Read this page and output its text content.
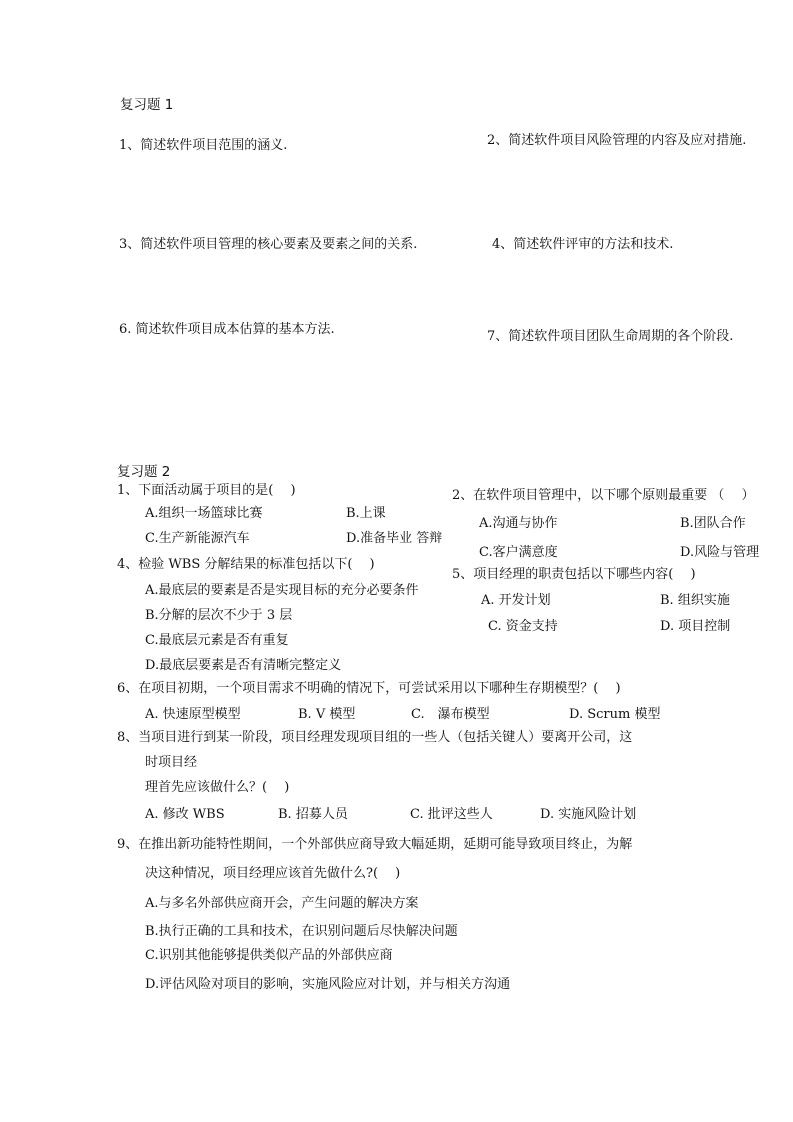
复习题 1
1、简述软件项目范围的涵义.	2、简述软件项目风险管理的内容及应对措施.
3、简述软件项目管理的核心要素及要素之间的关系.	4、简述软件评审的方法和技术.
6. 简述软件项目成本估算的基本方法.	7、简述软件项目团队生命周期的各个阶段.
复习题 2
1、下面活动属于项目的是(　 )
A.组织一场篮球比赛	B.上课
C.生产新能源汽车	D.准备毕业 答辩
2、在软件项目管理中，以下哪个原则最重要 （　 ）
A.沟通与协作	B.团队合作
C.客户满意度	D.风险与管理
4、检验 WBS 分解结果的标准包括以下(　 )
A.最底层的要素是否是实现目标的充分必要条件
B.分解的层次不少于 3 层
C.最底层元素是否有重复
D.最底层要素是否有清晰完整定义
5、项目经理的职责包括以下哪些内容(　 )
A. 开发计划	B. 组织实施
C. 资金支持	D. 项目控制
6、在项目初期，一个项目需求不明确的情况下，可尝试采用以下哪种生存期模型？(　 )
A. 快速原型模型	B. V 模型	C.　瀑布模型	D. Scrum 模型
8、当项目进行到某一阶段，项目经理发现项目组的一些人（包括关键人）要离开公司，这
时项目经
理首先应该做什么？(　 )
A. 修改 WBS	B. 招募人员	C. 批评这些人	D. 实施风险计划
9、在推出新功能特性期间，一个外部供应商导致大幅延期，延期可能导致项目终止，为解
决这种情况，项目经理应该首先做什么?(　 )
A.与多名外部供应商开会，产生问题的解决方案
B.执行正确的工具和技术，在识别问题后尽快解决问题
C.识别其他能够提供类似产品的外部供应商
D.评估风险对项目的影响，实施风险应对计划，并与相关方沟通
